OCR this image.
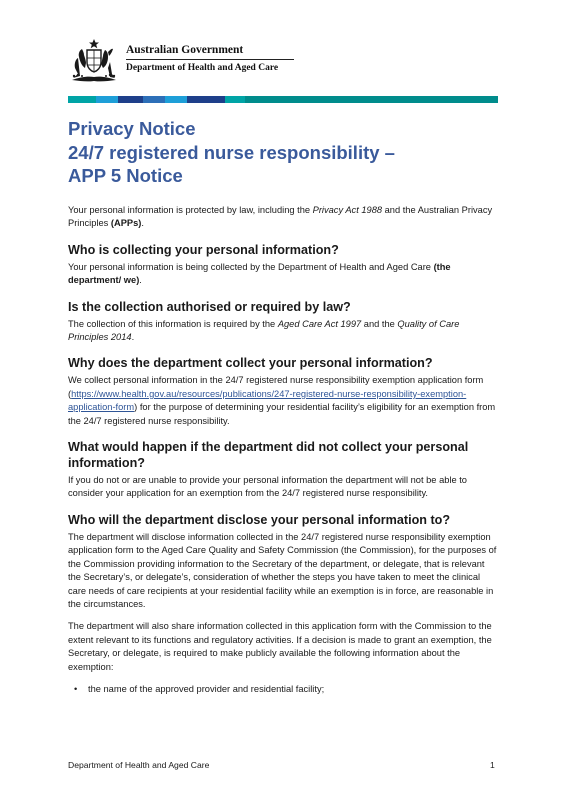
Australian Government
Department of Health and Aged Care
Privacy Notice
24/7 registered nurse responsibility –
APP 5 Notice

Your personal information is protected by law, including the Privacy Act 1988 and the Australian Privacy Principles (APPs).

Who is collecting your personal information?

Your personal information is being collected by the Department of Health and Aged Care (the department/ we).

Is the collection authorised or required by law?

The collection of this information is required by the Aged Care Act 1997 and the Quality of Care Principles 2014.

Why does the department collect your personal information?

We collect personal information in the 24/7 registered nurse responsibility exemption application form (https://www.health.gov.au/resources/publications/247-registered-nurse-responsibility-exemption-application-form) for the purpose of determining your residential facility’s eligibility for an exemption from the 24/7 registered nurse responsibility.

What would happen if the department did not collect your personal information?

If you do not or are unable to provide your personal information the department will not be able to consider your application for an exemption from the 24/7 registered nurse responsibility.

Who will the department disclose your personal information to?

The department will disclose information collected in the 24/7 registered nurse responsibility exemption application form to the Aged Care Quality and Safety Commission (the Commission), for the purposes of the Commission providing information to the Secretary of the department, or delegate, that is relevant the Secretary’s, or delegate’s, consideration of whether the steps you have taken to meet the clinical care needs of care recipients at your residential facility while an exemption is in force, are reasonable in the circumstances.

The department will also share information collected in this application form with the Commission to the extent relevant to its functions and regulatory activities. If a decision is made to grant an exemption, the Secretary, or delegate, is required to make publicly available the following information about the exemption:

• the name of the approved provider and residential facility;
Department of Health and Aged Care	1
